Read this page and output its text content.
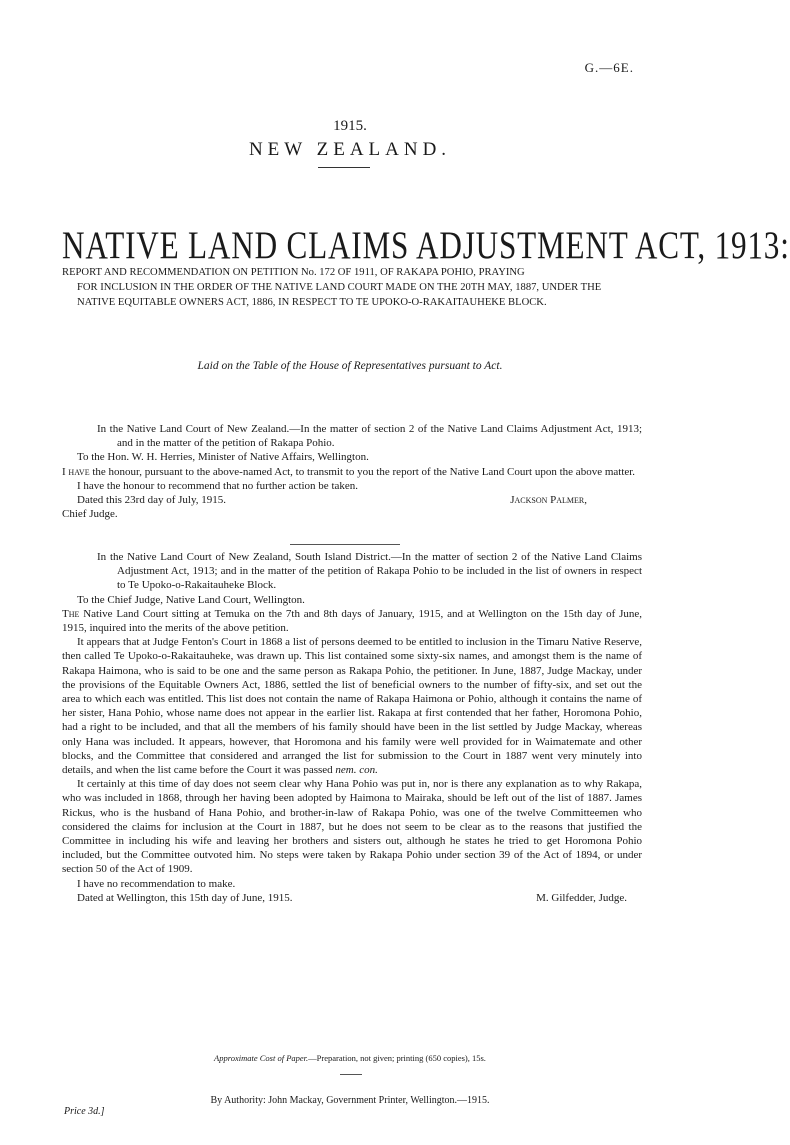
G.—6E.
1915.
NEW ZEALAND.
NATIVE LAND CLAIMS ADJUSTMENT ACT, 1913:
REPORT AND RECOMMENDATION ON PETITION No. 172 OF 1911, OF RAKAPA POHIO, PRAYING
FOR INCLUSION IN THE ORDER OF THE NATIVE LAND COURT MADE ON THE 20TH MAY, 1887, UNDER THE NATIVE EQUITABLE OWNERS ACT, 1886, IN RESPECT TO TE UPOKO-O-RAKAITAUHEKE BLOCK.
Laid on the Table of the House of Representatives pursuant to Act.

In the Native Land Court of New Zealand.—In the matter of section 2 of the Native Land Claims Adjustment Act, 1913; and in the matter of the petition of Rakapa Pohio.

To the Hon. W. H. Herries, Minister of Native Affairs, Wellington.

I have the honour, pursuant to the above-named Act, to transmit to you the report of the Native Land Court upon the above matter.

I have the honour to recommend that no further action be taken.

Dated this 23rd day of July, 1915.	Jackson Palmer,

Chief Judge.

In the Native Land Court of New Zealand, South Island District.—In the matter of section 2 of the Native Land Claims Adjustment Act, 1913; and in the matter of the petition of Rakapa Pohio to be included in the list of owners in respect to Te Upoko-o-Rakaitauheke Block.

To the Chief Judge, Native Land Court, Wellington.

The Native Land Court sitting at Temuka on the 7th and 8th days of January, 1915, and at Wellington on the 15th day of June, 1915, inquired into the merits of the above petition.

It appears that at Judge Fenton's Court in 1868 a list of persons deemed to be entitled to inclusion in the Timaru Native Reserve, then called Te Upoko-o-Rakaitauheke, was drawn up. This list contained some sixty-six names, and amongst them is the name of Rakapa Haimona, who is said to be one and the same person as Rakapa Pohio, the petitioner. In June, 1887, Judge Mackay, under the provisions of the Equitable Owners Act, 1886, settled the list of beneficial owners to the number of fifty-six, and set out the area to which each was entitled. This list does not contain the name of Rakapa Haimona or Pohio, although it contains the name of her sister, Hana Pohio, whose name does not appear in the earlier list. Rakapa at first contended that her father, Horomona Pohio, had a right to be included, and that all the members of his family should have been in the list settled by Judge Mackay, whereas only Hana was included. It appears, however, that Horomona and his family were well provided for in Waimatemate and other blocks, and the Committee that considered and arranged the list for submission to the Court in 1887 went very minutely into details, and when the list came before the Court it was passed nem. con.

It certainly at this time of day does not seem clear why Hana Pohio was put in, nor is there any explanation as to why Rakapa, who was included in 1868, through her having been adopted by Haimona to Mairaka, should be left out of the list of 1887. James Rickus, who is the husband of Hana Pohio, and brother-in-law of Rakapa Pohio, was one of the twelve Committeemen who considered the claims for inclusion at the Court in 1887, but he does not seem to be clear as to the reasons that justified the Committee in including his wife and leaving her brothers and sisters out, although he states he tried to get Horomona Pohio included, but the Committee outvoted him. No steps were taken by Rakapa Pohio under section 39 of the Act of 1894, or under section 50 of the Act of 1909.

I have no recommendation to make.

Dated at Wellington, this 15th day of June, 1915.	M. Gilfedder, Judge.
Approximate Cost of Paper.—Preparation, not given; printing (650 copies), 15s.
By Authority: John Mackay, Government Printer, Wellington.—1915.
Price 3d.]
